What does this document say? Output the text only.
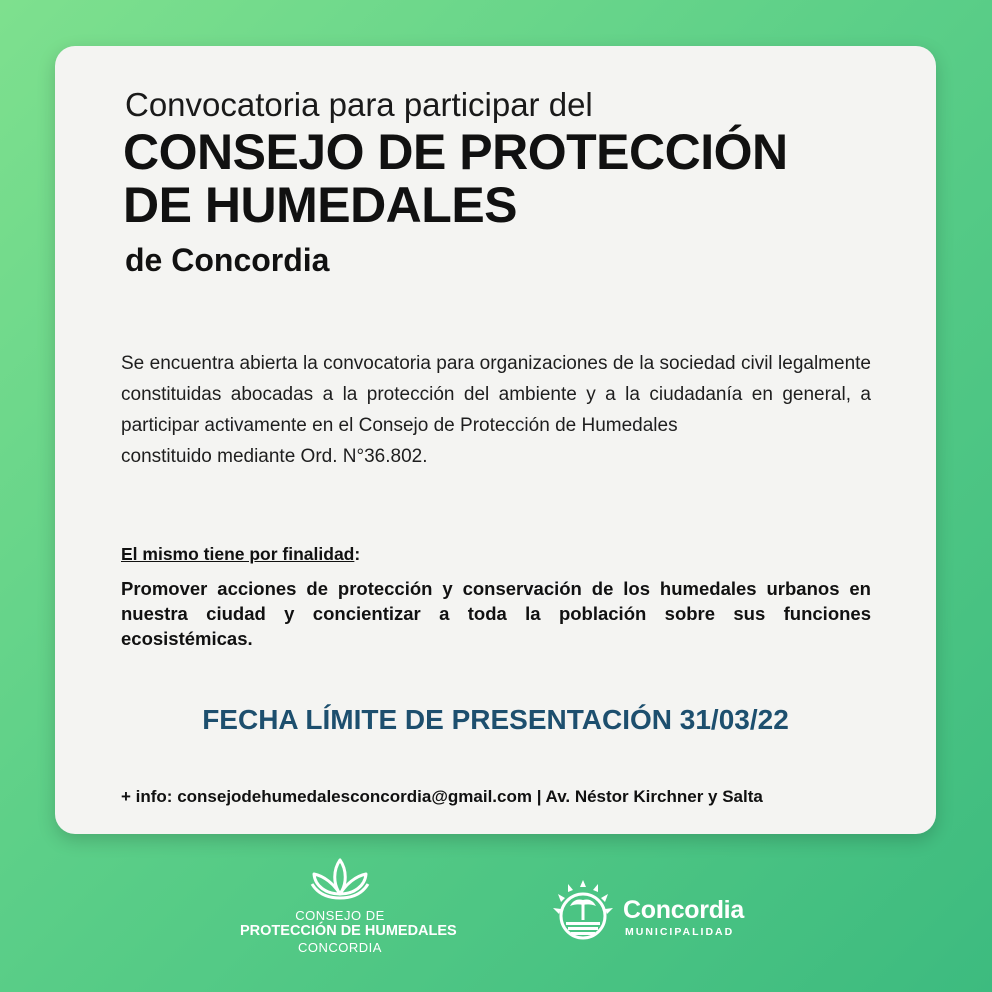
Convocatoria para participar del
CONSEJO DE PROTECCIÓN
DE HUMEDALES
de Concordia
Se encuentra abierta la convocatoria para organizaciones de la sociedad civil legalmente constituidas abocadas a la protección del ambiente y a la ciudadanía en general, a participar activamente en el Consejo de Protección de Humedales

constituido mediante Ord. N°36.802.

El mismo tiene por finalidad:
Promover acciones de protección y conservación de los humedales urbanos en nuestra ciudad y concientizar a toda la población sobre sus funciones ecosistémicas.
FECHA LÍMITE DE PRESENTACIÓN 31/03/22
+ info: consejodehumedalesconcordia@gmail.com | Av. Néstor Kirchner y Salta
CONSEJO DE
PROTECCIÓN DE HUMEDALES
CONCORDIA
Concordia
MUNICIPALIDAD
